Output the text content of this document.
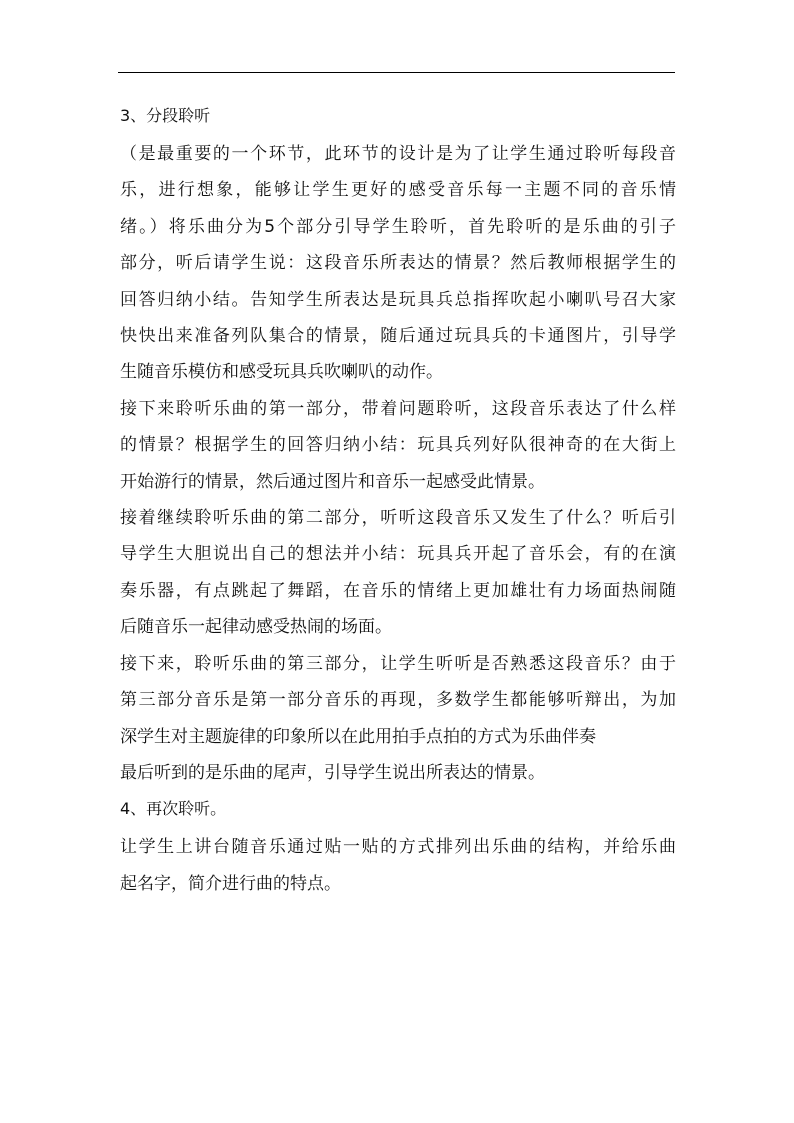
3、分段聆听
（是最重要的一个环节，此环节的设计是为了让学生通过聆听每段音
乐，进行想象，能够让学生更好的感受音乐每一主题不同的音乐情
绪。）将乐曲分为5个部分引导学生聆听，首先聆听的是乐曲的引子
部分，听后请学生说：这段音乐所表达的情景？然后教师根据学生的
回答归纳小结。告知学生所表达是玩具兵总指挥吹起小喇叭号召大家
快快出来准备列队集合的情景，随后通过玩具兵的卡通图片，引导学
生随音乐模仿和感受玩具兵吹喇叭的动作。
接下来聆听乐曲的第一部分，带着问题聆听，这段音乐表达了什么样
的情景？根据学生的回答归纳小结：玩具兵列好队很神奇的在大街上
开始游行的情景，然后通过图片和音乐一起感受此情景。
接着继续聆听乐曲的第二部分，听听这段音乐又发生了什么？听后引
导学生大胆说出自己的想法并小结：玩具兵开起了音乐会，有的在演
奏乐器，有点跳起了舞蹈，在音乐的情绪上更加雄壮有力场面热闹随
后随音乐一起律动感受热闹的场面。
接下来，聆听乐曲的第三部分，让学生听听是否熟悉这段音乐？由于
第三部分音乐是第一部分音乐的再现，多数学生都能够听辩出，为加
深学生对主题旋律的印象所以在此用拍手点拍的方式为乐曲伴奏
最后听到的是乐曲的尾声，引导学生说出所表达的情景。
4、再次聆听。
让学生上讲台随音乐通过贴一贴的方式排列出乐曲的结构，并给乐曲
起名字，简介进行曲的特点。
